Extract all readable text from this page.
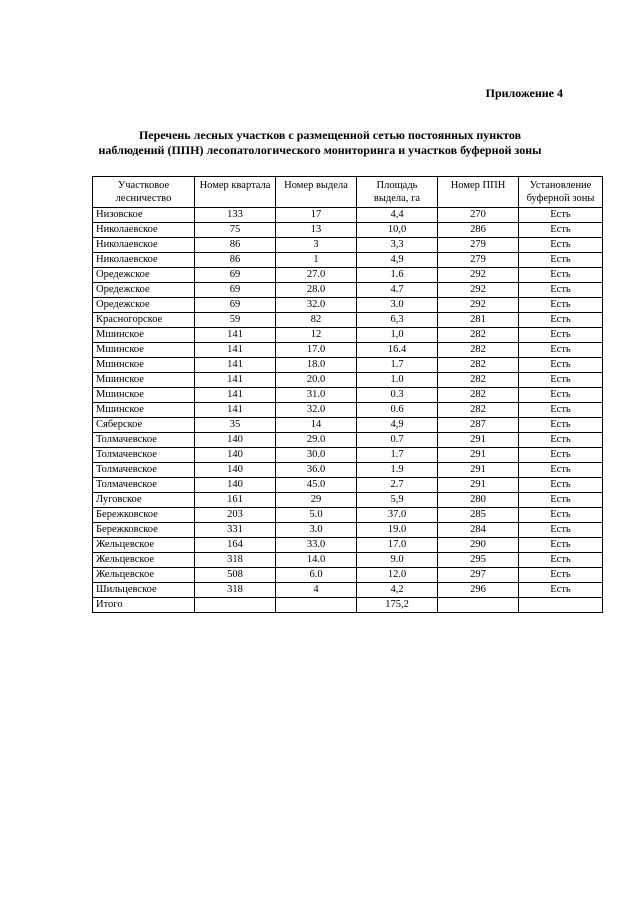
Приложение 4
Перечень лесных участков с размещенной сетью постоянных пунктов
наблюдений (ППН) лесопатологического мониторинга и участков буферной зоны
Участковое лесничество	Номер квартала	Номер выдела	Площадь выдела, га	Номер ППН	Установление буферной зоны
Низовское	133	17	4,4	270	Есть
Николаевское	75	13	10,0	286	Есть
Николаевское	86	3	3,3	279	Есть
Николаевское	86	1	4,9	279	Есть
Оредежское	69	27.0	1.6	292	Есть
Оредежское	69	28.0	4.7	292	Есть
Оредежское	69	32.0	3.0	292	Есть
Красногорское	59	82	6,3	281	Есть
Мшинское	141	12	1,0	282	Есть
Мшинское	141	17.0	16.4	282	Есть
Мшинское	141	18.0	1.7	282	Есть
Мшинское	141	20.0	1.0	282	Есть
Мшинское	141	31.0	0.3	282	Есть
Мшинское	141	32.0	0.6	282	Есть
Сяберское	35	14	4,9	287	Есть
Толмачевское	140	29.0	0.7	291	Есть
Толмачевское	140	30.0	1.7	291	Есть
Толмачевское	140	36.0	1.9	291	Есть
Толмачевское	140	45.0	2.7	291	Есть
Луговское	161	29	5,9	280	Есть
Бережковское	203	5.0	37.0	285	Есть
Бережковское	331	3.0	19.0	284	Есть
Жельцевское	164	33.0	17.0	290	Есть
Жельцевское	318	14.0	9.0	295	Есть
Жельцевское	508	6.0	12.0	297	Есть
Шильцевское	318	4	4,2	296	Есть
Итого			175,2		
